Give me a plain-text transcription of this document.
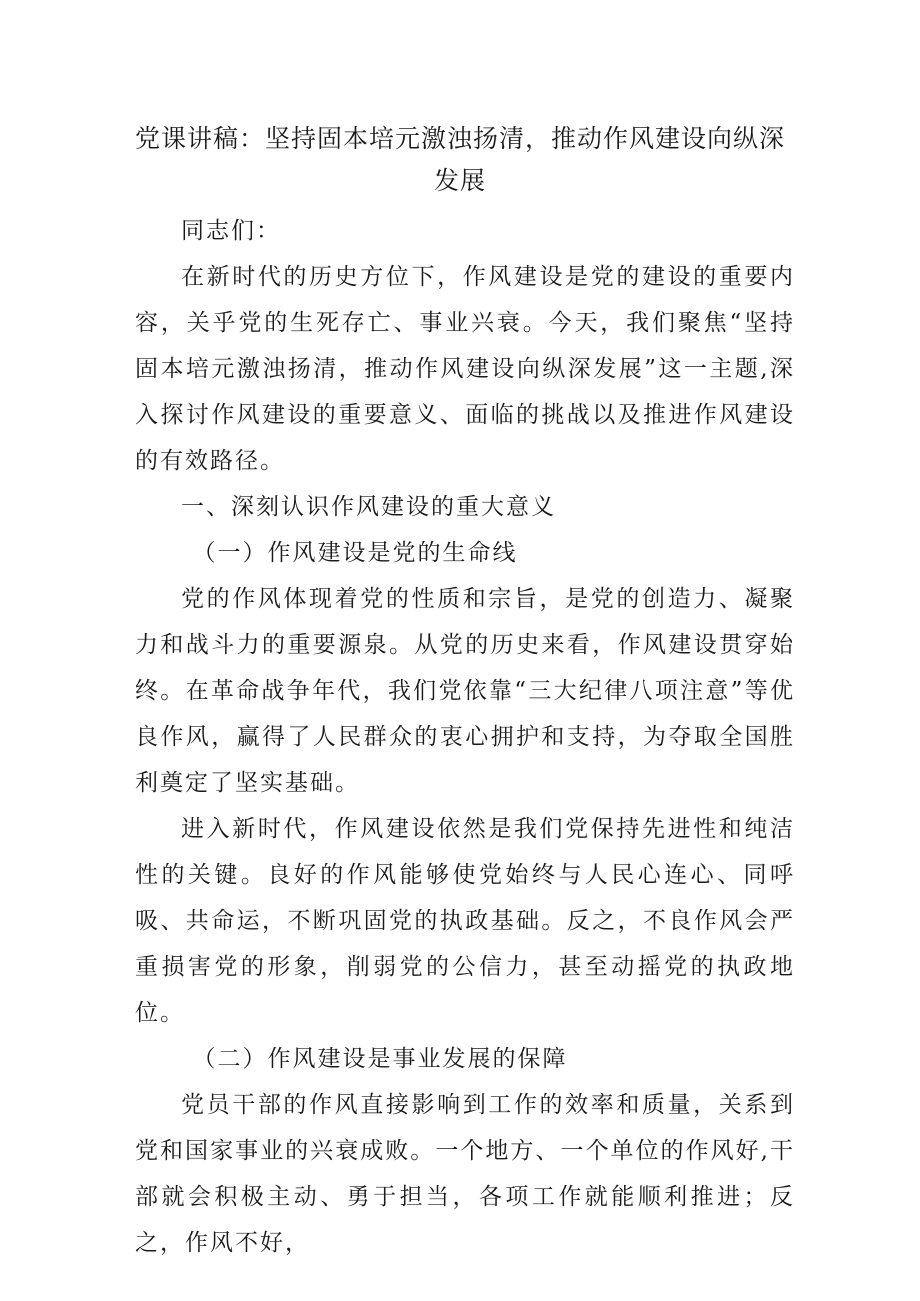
党课讲稿：坚持固本培元激浊扬清，推动作风建设向纵深发展

同志们：

在新时代的历史方位下，作风建设是党的建设的重要内容，关乎党的生死存亡、事业兴衰。今天，我们聚焦“坚持固本培元激浊扬清，推动作风建设向纵深发展”这一主题,深入探讨作风建设的重要意义、面临的挑战以及推进作风建设的有效路径。

一、深刻认识作风建设的重大意义

（一）作风建设是党的生命线

党的作风体现着党的性质和宗旨，是党的创造力、凝聚力和战斗力的重要源泉。从党的历史来看，作风建设贯穿始终。在革命战争年代，我们党依靠“三大纪律八项注意”等优良作风，赢得了人民群众的衷心拥护和支持，为夺取全国胜利奠定了坚实基础。

进入新时代，作风建设依然是我们党保持先进性和纯洁性的关键。良好的作风能够使党始终与人民心连心、同呼吸、共命运，不断巩固党的执政基础。反之，不良作风会严重损害党的形象，削弱党的公信力，甚至动摇党的执政地位。

（二）作风建设是事业发展的保障

党员干部的作风直接影响到工作的效率和质量，关系到党和国家事业的兴衰成败。一个地方、一个单位的作风好,干部就会积极主动、勇于担当，各项工作就能顺利推进；反之，作风不好，
